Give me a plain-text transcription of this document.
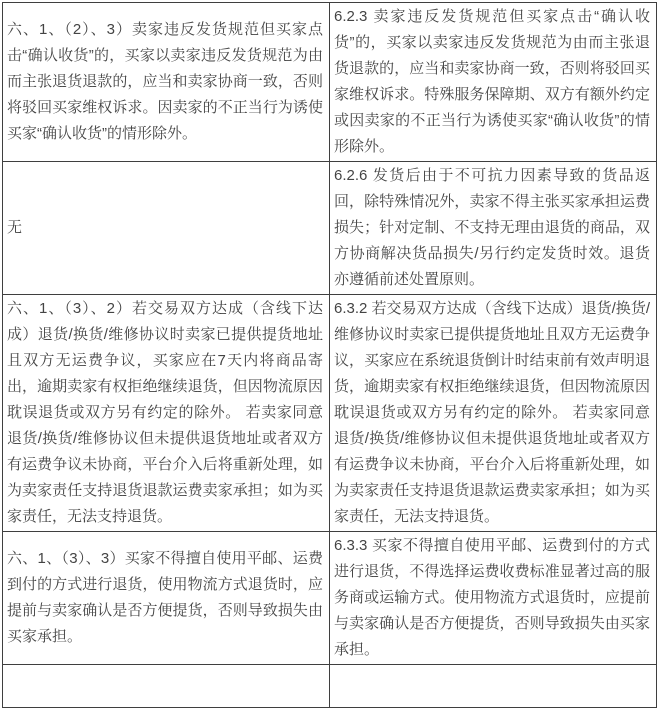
六、1、（2）、3）卖家违反发货规范但买家点击“确认收货”的，买家以卖家违反发货规范为由而主张退货退款的，应当和卖家协商一致，否则将驳回买家维权诉求。因卖家的不正当行为诱使买家“确认收货”的情形除外。	6.2.3 卖家违反发货规范但买家点击“确认收货”的，买家以卖家违反发货规范为由而主张退货退款的，应当和卖家协商一致，否则将驳回买家维权诉求。特殊服务保障期、双方有额外约定或因卖家的不正当行为诱使买家“确认收货”的情形除外。
无	6.2.6 发货后由于不可抗力因素导致的货品返回，除特殊情况外，卖家不得主张买家承担运费损失；针对定制、不支持无理由退货的商品，双方协商解决货品损失/另行约定发货时效。退货亦遵循前述处置原则。
六、1、（3）、2）若交易双方达成（含线下达成）退货/换货/维修协议时卖家已提供提货地址且双方无运费争议，买家应在7天内将商品寄出，逾期卖家有权拒绝继续退货，但因物流原因耽误退货或双方另有约定的除外。 若卖家同意退货/换货/维修协议但未提供退货地址或者双方有运费争议未协商，平台介入后将重新处理，如为卖家责任支持退货退款运费卖家承担；如为买家责任，无法支持退货。	6.3.2 若交易双方达成（含线下达成）退货/换货/维修协议时卖家已提供提货地址且双方无运费争议，买家应在系统退货倒计时结束前有效声明退货，逾期卖家有权拒绝继续退货，但因物流原因耽误退货或双方另有约定的除外。 若卖家同意退货/换货/维修协议但未提供退货地址或者双方有运费争议未协商，平台介入后将重新处理，如为卖家责任支持退货退款运费卖家承担；如为买家责任，无法支持退货。
六、1、（3）、3）买家不得擅自使用平邮、运费到付的方式进行退货，使用物流方式退货时，应提前与卖家确认是否方便提货，否则导致损失由买家承担。	6.3.3 买家不得擅自使用平邮、运费到付的方式进行退货，不得选择运费收费标准显著过高的服务商或运输方式。使用物流方式退货时，应提前与卖家确认是否方便提货，否则导致损失由买家承担。
